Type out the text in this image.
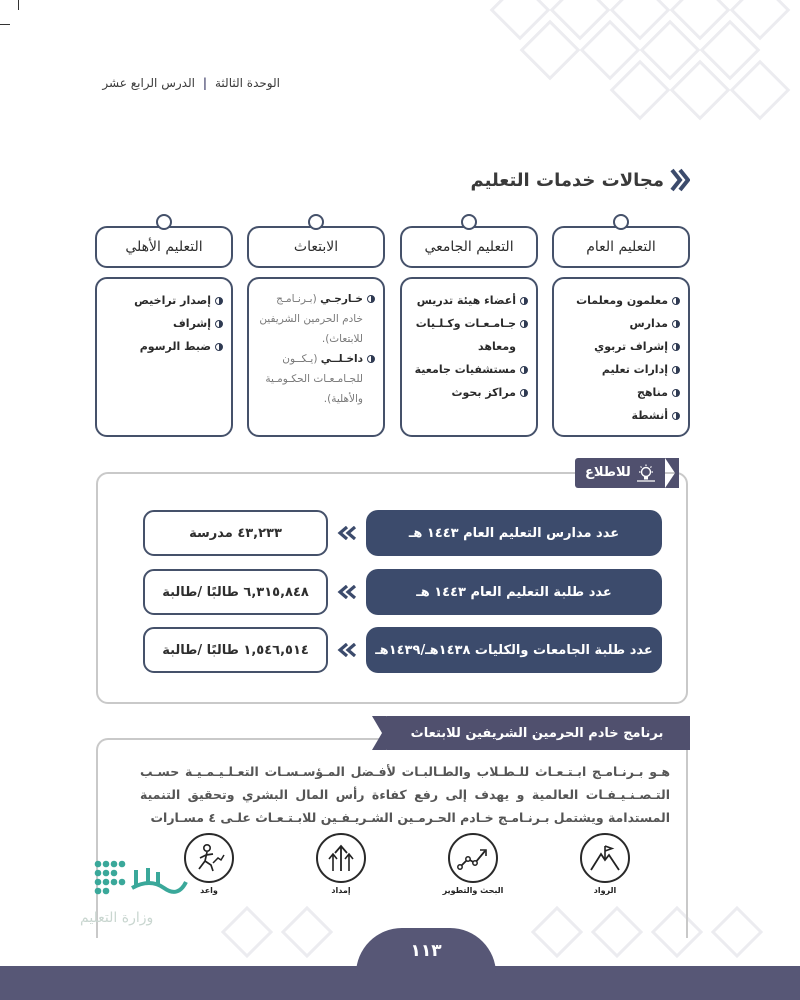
الوحدة الثالثة | الدرس الرابع عشر
مجالات خدمات التعليم
التعليم العام
التعليم الجامعي
الابتعاث
التعليم الأهلي
معلمون ومعلمات
مدارس
إشراف تربوي
إدارات تعليم
مناهج
أنشطة
أعضاء هيئة تدريس
جـامـعـات وكـلـيات
ومعاهد
مستشفيات جامعية
مراكز بحوث
خـارجـي (بـرنـامـج
خادم الحرمين الشريفين للابتعاث).
داخـلــي (يـكــون
للجـامـعـات الحكـومـية والأهلية).
إصدار تراخيص
إشراف
ضبط الرسوم
للاطلاع
٤٣,٢٣٣ مدرسة	عدد مدارس التعليم العام ١٤٤٣ هـ
٦,٣١٥,٨٤٨ طالبًا /طالبة	عدد طلبة التعليم العام ١٤٤٣ هـ
١,٥٤٦,٥١٤ طالبًا /طالبة	عدد طلبة الجامعات والكليات ١٤٣٨هـ/١٤٣٩هـ
برنامج خادم الحرمين الشريفين للابتعاث
هـو بـرنـامـج ابـتـعـاث للـطـلاب والطـالبـات لأفـضل المـؤسـسـات التعـلـيـمـيـة حسـب التـصـنـيـفـات العالمية و يهدف إلى رفع كفاءة رأس المال البشري وتحقيق التنمية المستدامة ويشتمل بـرنـامـج خـادم الحـرمـين الشـريـفـين للابـتـعـاث علـى ٤ مسـارات
الرواد
البحث والتطوير
إمداد
واعد
وزارة التعليم
١١٣
